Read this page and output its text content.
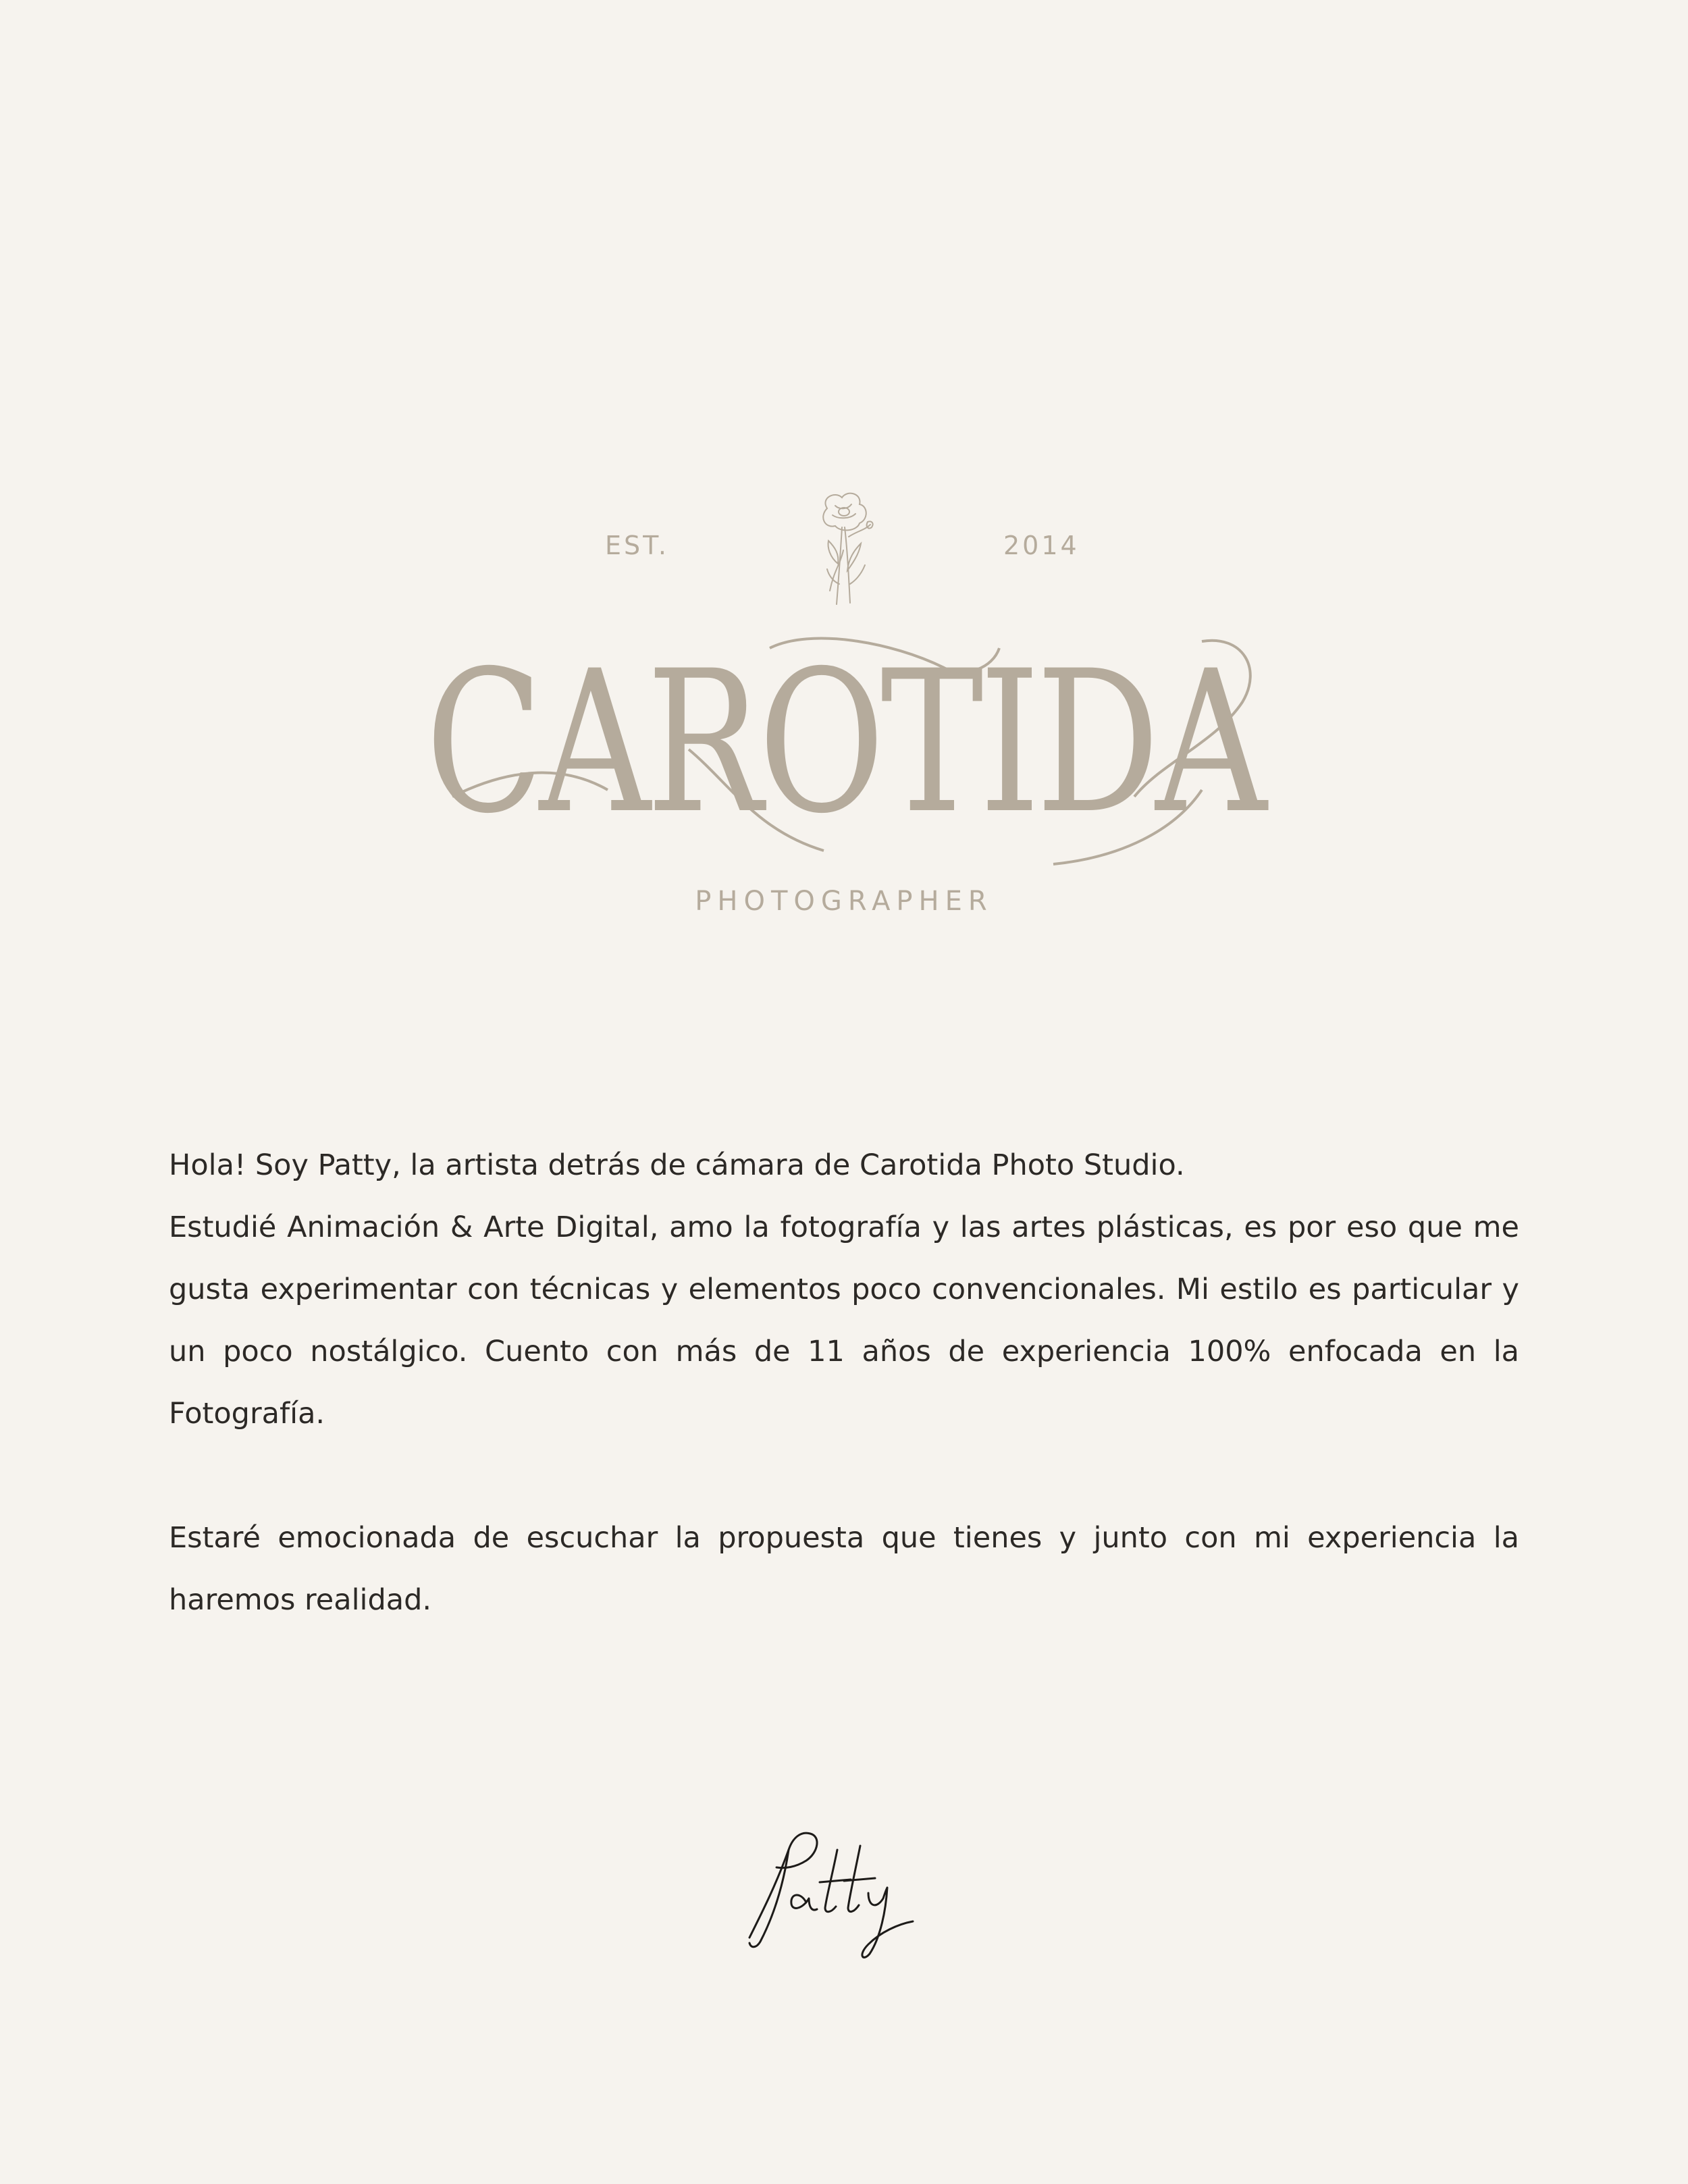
EST.	2014
CAROTIDA
PHOTOGRAPHER

Hola! Soy Patty, la artista detrás de cámara de Carotida Photo Studio.

Estudié Animación & Arte Digital, amo la fotografía y las artes plásticas, es por eso que me gusta experimentar con técnicas y elementos poco convencionales. Mi estilo es particular y un poco nostálgico. Cuento con más de 11 años de experiencia 100% enfocada en la Fotografía.

Estaré emocionada de escuchar la propuesta que tienes y junto con mi experiencia la haremos realidad.
